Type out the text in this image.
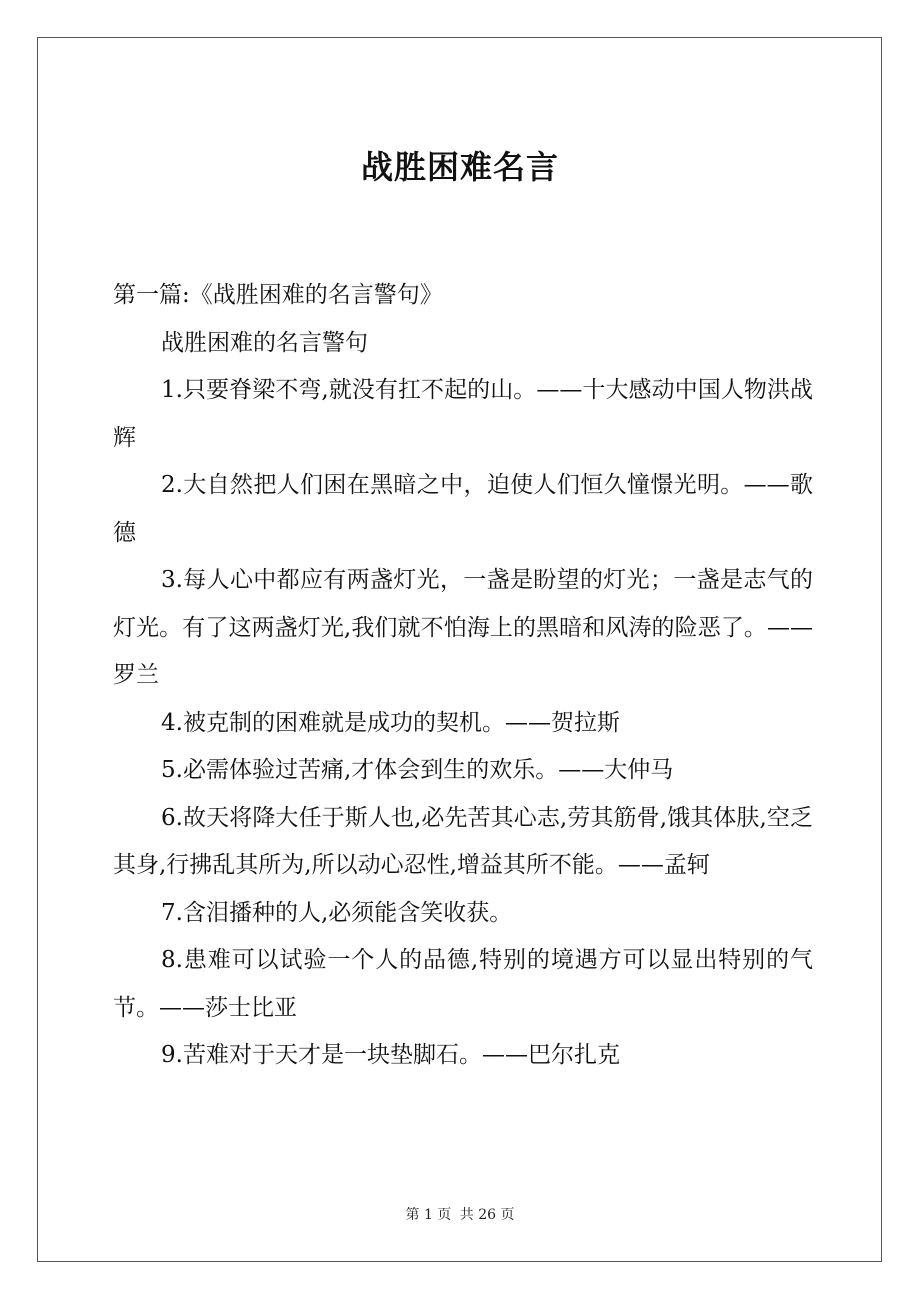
战胜困难名言

第一篇:《战胜困难的名言警句》

战胜困难的名言警句

1.只要脊梁不弯,就没有扛不起的山。——十大感动中国人物洪战辉

2.大自然把人们困在黑暗之中，迫使人们恒久憧憬光明。——歌德

3.每人心中都应有两盏灯光，一盏是盼望的灯光；一盏是志气的灯光。有了这两盏灯光,我们就不怕海上的黑暗和风涛的险恶了。——罗兰

4.被克制的困难就是成功的契机。——贺拉斯

5.必需体验过苦痛,才体会到生的欢乐。——大仲马

6.故天将降大任于斯人也,必先苦其心志,劳其筋骨,饿其体肤,空乏其身,行拂乱其所为,所以动心忍性,增益其所不能。——孟轲

7.含泪播种的人,必须能含笑收获。

8.患难可以试验一个人的品德,特别的境遇方可以显出特别的气节。——莎士比亚

9.苦难对于天才是一块垫脚石。——巴尔扎克

第 1 页 共 26 页
